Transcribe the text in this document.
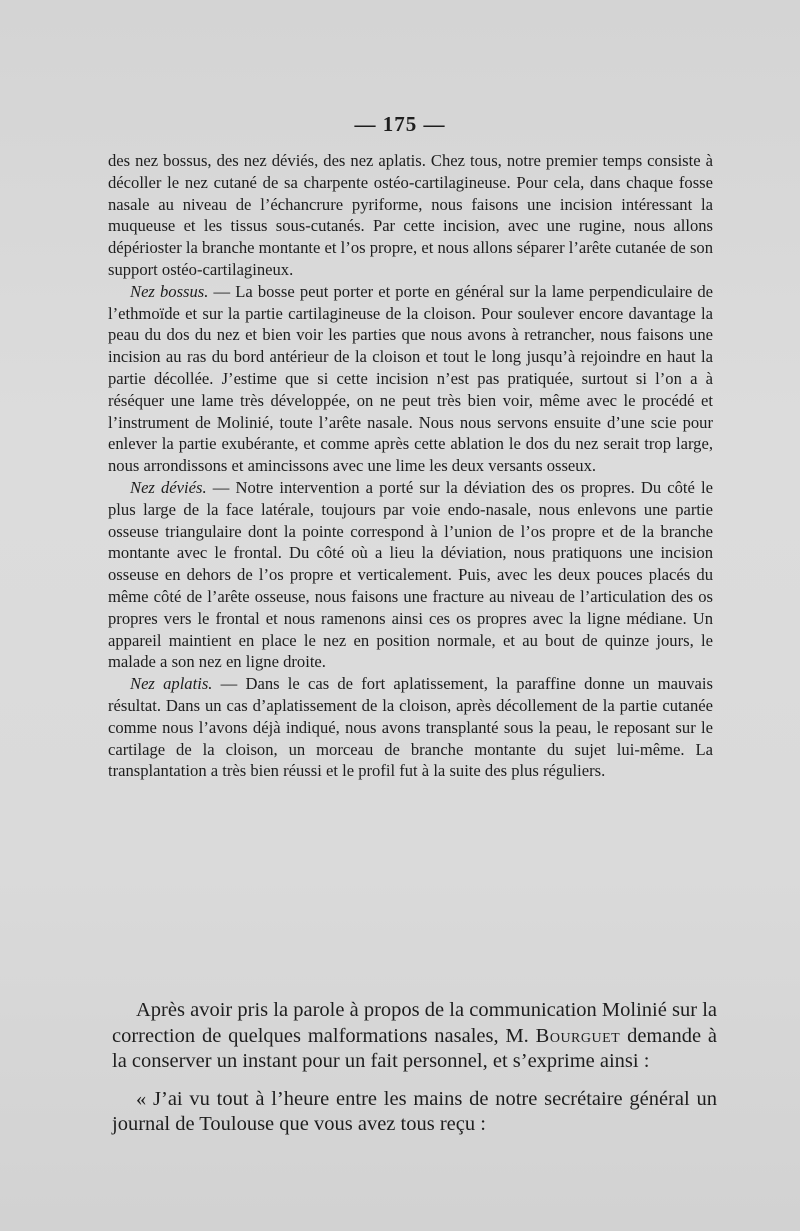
— 175 —

des nez bossus, des nez déviés, des nez aplatis. Chez tous, notre premier temps consiste à décoller le nez cutané de sa charpente ostéo-cartilagineuse. Pour cela, dans chaque fosse nasale au niveau de l’échancrure pyriforme, nous faisons une incision intéressant la muqueuse et les tissus sous-cutanés. Par cette incision, avec une rugine, nous allons dépérioster la branche montante et l’os propre, et nous allons séparer l’arête cutanée de son support ostéo-cartilagineux.

Nez bossus. — La bosse peut porter et porte en général sur la lame perpendiculaire de l’ethmoïde et sur la partie cartilagineuse de la cloison. Pour soulever encore davantage la peau du dos du nez et bien voir les parties que nous avons à retrancher, nous faisons une incision au ras du bord antérieur de la cloison et tout le long jusqu’à rejoindre en haut la partie décollée. J’estime que si cette incision n’est pas pratiquée, surtout si l’on a à réséquer une lame très développée, on ne peut très bien voir, même avec le procédé et l’instrument de Molinié, toute l’arête nasale. Nous nous servons ensuite d’une scie pour enlever la partie exubérante, et comme après cette ablation le dos du nez serait trop large, nous arrondissons et amincissons avec une lime les deux versants osseux.

Nez déviés. — Notre intervention a porté sur la déviation des os propres. Du côté le plus large de la face latérale, toujours par voie endo-nasale, nous enlevons une partie osseuse triangulaire dont la pointe correspond à l’union de l’os propre et de la branche montante avec le frontal. Du côté où a lieu la déviation, nous pratiquons une incision osseuse en dehors de l’os propre et verticalement. Puis, avec les deux pouces placés du même côté de l’arête osseuse, nous faisons une fracture au niveau de l’articulation des os propres vers le frontal et nous ramenons ainsi ces os propres avec la ligne médiane. Un appareil maintient en place le nez en position normale, et au bout de quinze jours, le malade a son nez en ligne droite.

Nez aplatis. — Dans le cas de fort aplatissement, la paraffine donne un mauvais résultat. Dans un cas d’aplatissement de la cloison, après décollement de la partie cutanée comme nous l’avons déjà indiqué, nous avons transplanté sous la peau, le reposant sur le cartilage de la cloison, un morceau de branche montante du sujet lui-même. La transplantation a très bien réussi et le profil fut à la suite des plus réguliers.

Après avoir pris la parole à propos de la communication Molinié sur la correction de quelques malformations nasales, M. Bourguet demande à la conserver un instant pour un fait personnel, et s’exprime ainsi :

« J’ai vu tout à l’heure entre les mains de notre secrétaire général un journal de Toulouse que vous avez tous reçu :
